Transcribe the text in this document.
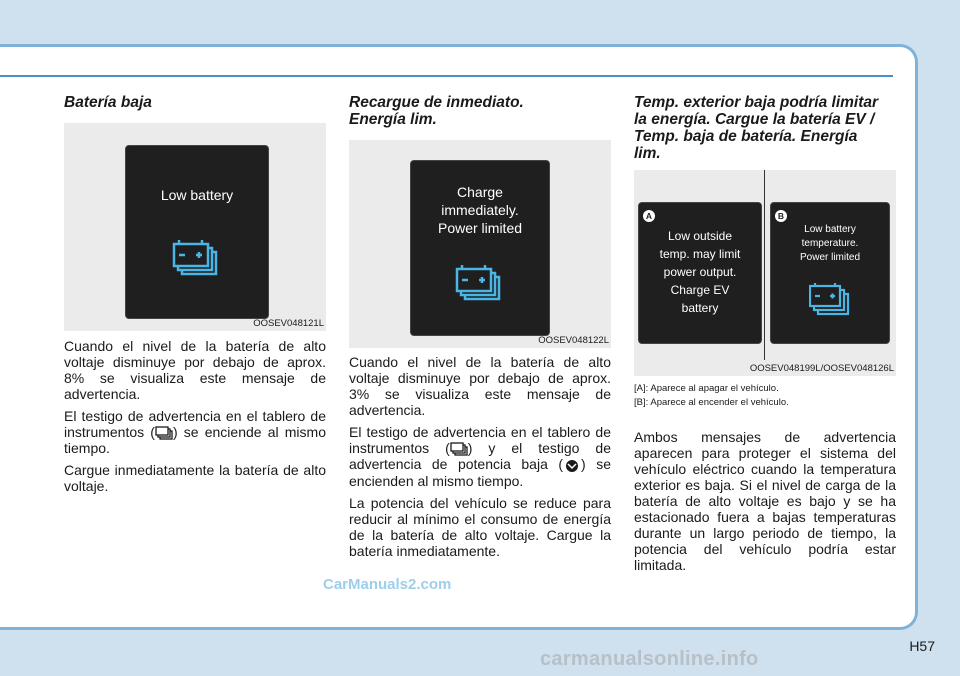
Batería baja
Low battery
OOSEV048121L

Cuando el nivel de la batería de alto voltaje disminuye por debajo de aprox. 8% se visualiza este mensaje de advertencia.

El testigo de advertencia en el tablero de instrumentos ( ) se enciende al mismo tiempo.

Cargue inmediatamente la batería de alto voltaje.

Recargue de inmediato.
Energía lim.
Charge
immediately.
Power limited
OOSEV048122L

Cuando el nivel de la batería de alto voltaje disminuye por debajo de aprox. 3% se visualiza este mensaje de advertencia.

El testigo de advertencia en el tablero de instrumentos ( ) y el testigo de advertencia de potencia baja ( ) se encienden al mismo tiempo.

La potencia del vehículo se reduce para reducir al mínimo el consumo de energía de la batería de alto voltaje. Cargue la batería inmediatamente.

Temp. exterior baja podría limitar
la energía. Cargue la batería EV /
Temp. baja de batería. Energía
lim.
A
Low outside
temp. may limit
power output.
Charge EV
battery
B
Low battery
temperature.
Power limited
OOSEV048199L/OOSEV048126L

[A]: Aparece al apagar el vehículo.

[B]: Aparece al encender el vehículo.

Ambos mensajes de advertencia aparecen para proteger el sistema del vehículo eléctrico cuando la temperatura exterior es baja. Si el nivel de carga de la batería de alto voltaje es bajo y se ha estacionado fuera a bajas temperaturas durante un largo periodo de tiempo, la potencia del vehículo podría estar limitada.

H57
CarManuals2.com
carmanualsonline.info
